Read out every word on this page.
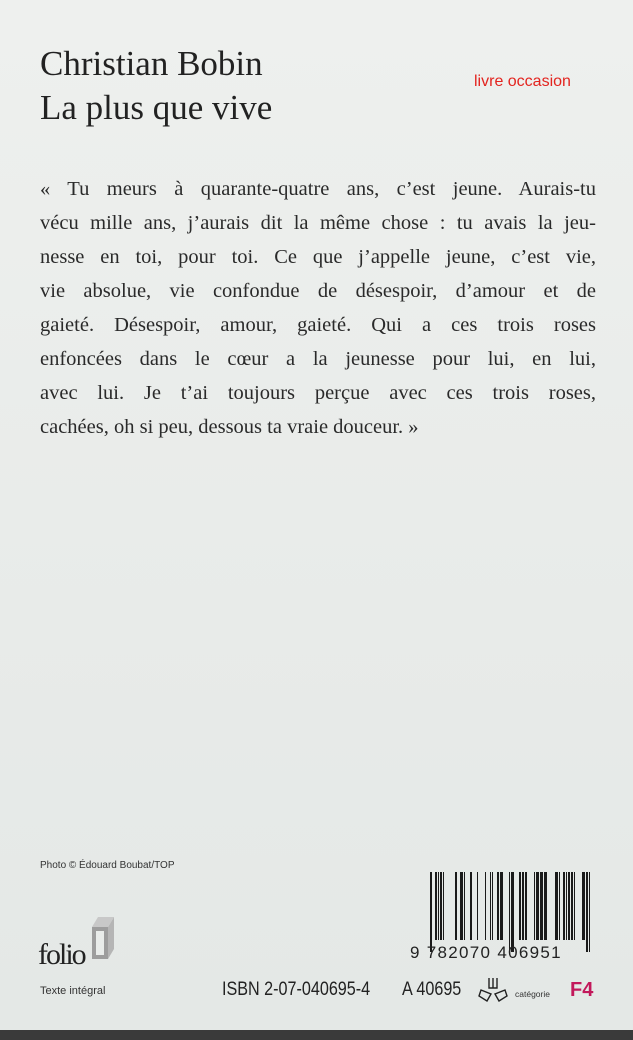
Christian Bobin
La plus que vive
livre occasion
« Tu meurs à quarante-quatre ans, c’est jeune. Aurais-tu
vécu mille ans, j’aurais dit la même chose : tu avais la jeu-
nesse en toi, pour toi. Ce que j’appelle jeune, c’est vie,
vie absolue, vie confondue de désespoir, d’amour et de
gaieté. Désespoir, amour, gaieté. Qui a ces trois roses
enfoncées dans le cœur a la jeunesse pour lui, en lui,
avec lui. Je t’ai toujours perçue avec ces trois roses,
cachées, oh si peu, dessous ta vraie douceur. »
Photo © Édouard Boubat/TOP
folio
Texte intégral
9 782070 406951
ISBN 2-07-040695-4 A 40695	catégorie F4
